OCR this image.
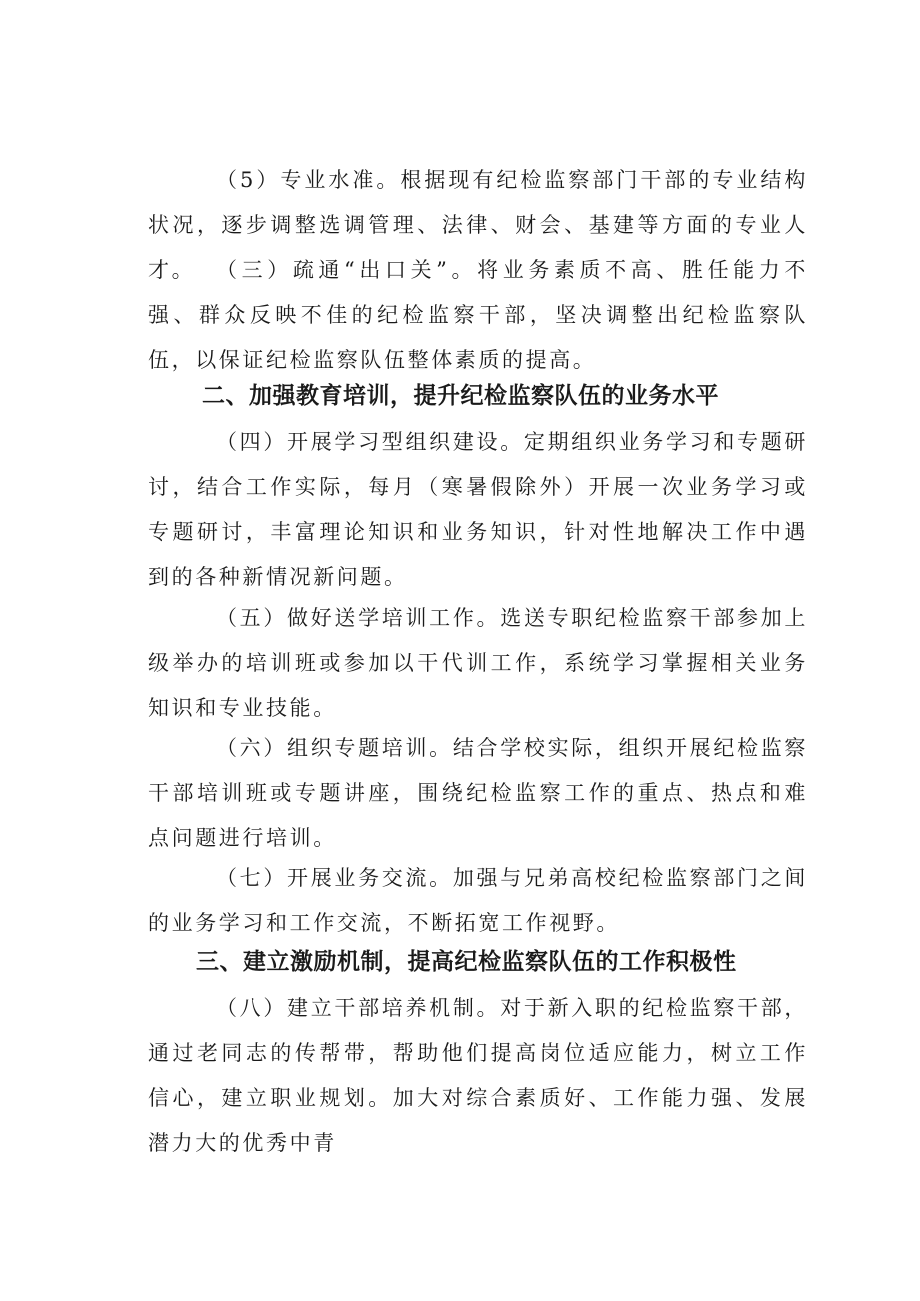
（5）专业水准。根据现有纪检监察部门干部的专业结构状况，逐步调整选调管理、法律、财会、基建等方面的专业人才。 （三）疏通“出口关”。将业务素质不高、胜任能力不强、群众反映不佳的纪检监察干部，坚决调整出纪检监察队伍，以保证纪检监察队伍整体素质的提高。

二、加强教育培训，提升纪检监察队伍的业务水平

（四）开展学习型组织建设。定期组织业务学习和专题研讨，结合工作实际，每月（寒暑假除外）开展一次业务学习或专题研讨，丰富理论知识和业务知识，针对性地解决工作中遇到的各种新情况新问题。

（五）做好送学培训工作。选送专职纪检监察干部参加上级举办的培训班或参加以干代训工作，系统学习掌握相关业务知识和专业技能。

（六）组织专题培训。结合学校实际，组织开展纪检监察干部培训班或专题讲座，围绕纪检监察工作的重点、热点和难点问题进行培训。

（七）开展业务交流。加强与兄弟高校纪检监察部门之间的业务学习和工作交流，不断拓宽工作视野。

三、建立激励机制，提高纪检监察队伍的工作积极性

（八）建立干部培养机制。对于新入职的纪检监察干部，通过老同志的传帮带，帮助他们提高岗位适应能力，树立工作信心，建立职业规划。加大对综合素质好、工作能力强、发展潜力大的优秀中青
